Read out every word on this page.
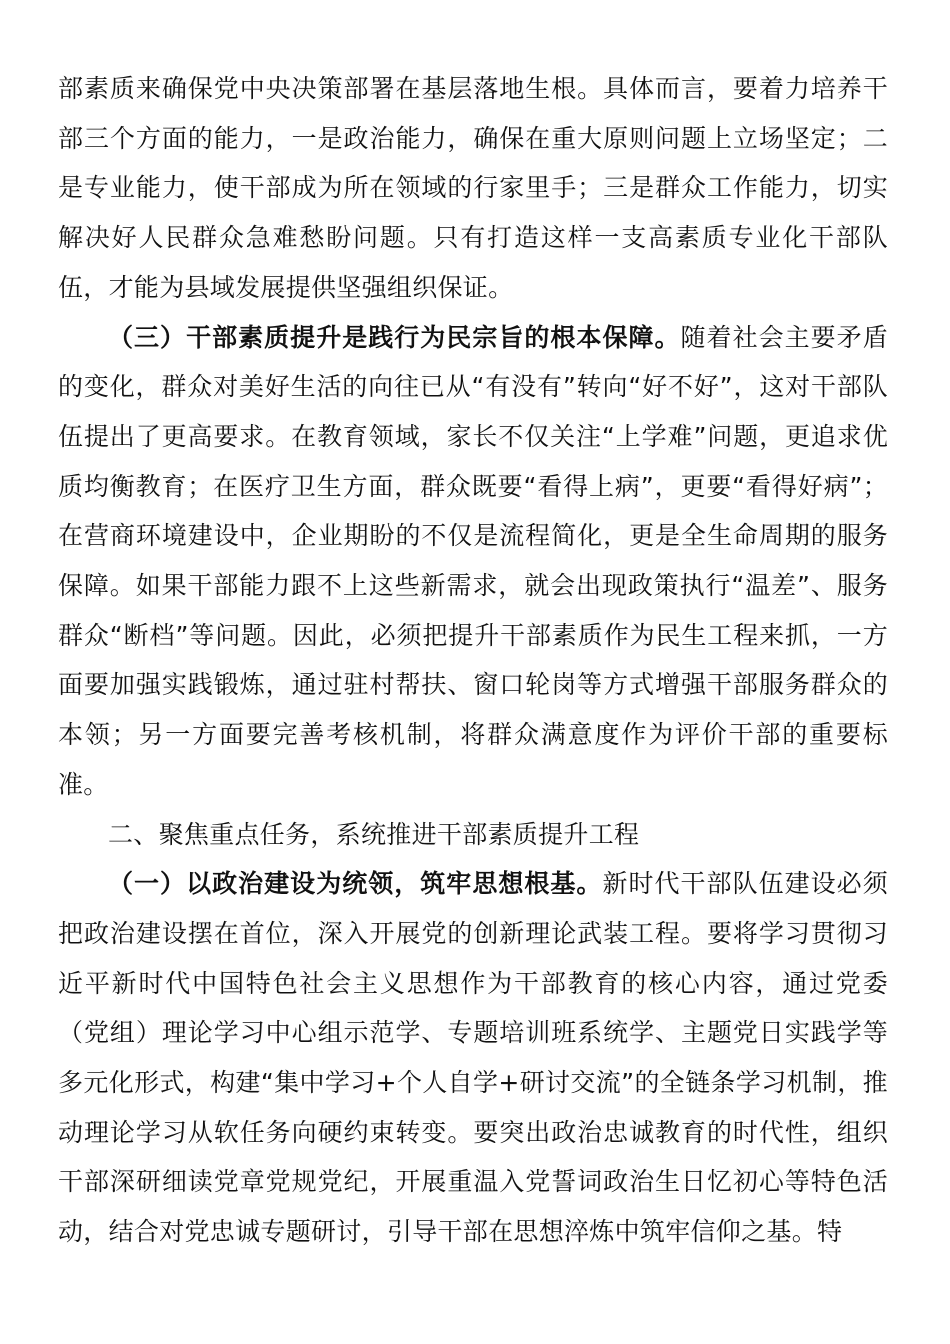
部素质来确保党中央决策部署在基层落地生根。具体而言，要着力培养干部三个方面的能力，一是政治能力，确保在重大原则问题上立场坚定；二是专业能力，使干部成为所在领域的行家里手；三是群众工作能力，切实解决好人民群众急难愁盼问题。只有打造这样一支高素质专业化干部队伍，才能为县域发展提供坚强组织保证。

（三）干部素质提升是践行为民宗旨的根本保障。随着社会主要矛盾的变化，群众对美好生活的向往已从“有没有”转向“好不好”，这对干部队伍提出了更高要求。在教育领域，家长不仅关注“上学难”问题，更追求优质均衡教育；在医疗卫生方面，群众既要“看得上病”，更要“看得好病”；在营商环境建设中，企业期盼的不仅是流程简化，更是全生命周期的服务保障。如果干部能力跟不上这些新需求，就会出现政策执行“温差”、服务群众“断档”等问题。因此，必须把提升干部素质作为民生工程来抓，一方面要加强实践锻炼，通过驻村帮扶、窗口轮岗等方式增强干部服务群众的本领；另一方面要完善考核机制，将群众满意度作为评价干部的重要标准。

二、聚焦重点任务，系统推进干部素质提升工程

（一）以政治建设为统领，筑牢思想根基。新时代干部队伍建设必须把政治建设摆在首位，深入开展党的创新理论武装工程。要将学习贯彻习近平新时代中国特色社会主义思想作为干部教育的核心内容，通过党委（党组）理论学习中心组示范学、专题培训班系统学、主题党日实践学等多元化形式，构建“集中学习+个人自学+研讨交流”的全链条学习机制，推动理论学习从软任务向硬约束转变。要突出政治忠诚教育的时代性，组织干部深研细读党章党规党纪，开展重温入党誓词政治生日忆初心等特色活动，结合对党忠诚专题研讨，引导干部在思想淬炼中筑牢信仰之基。特
